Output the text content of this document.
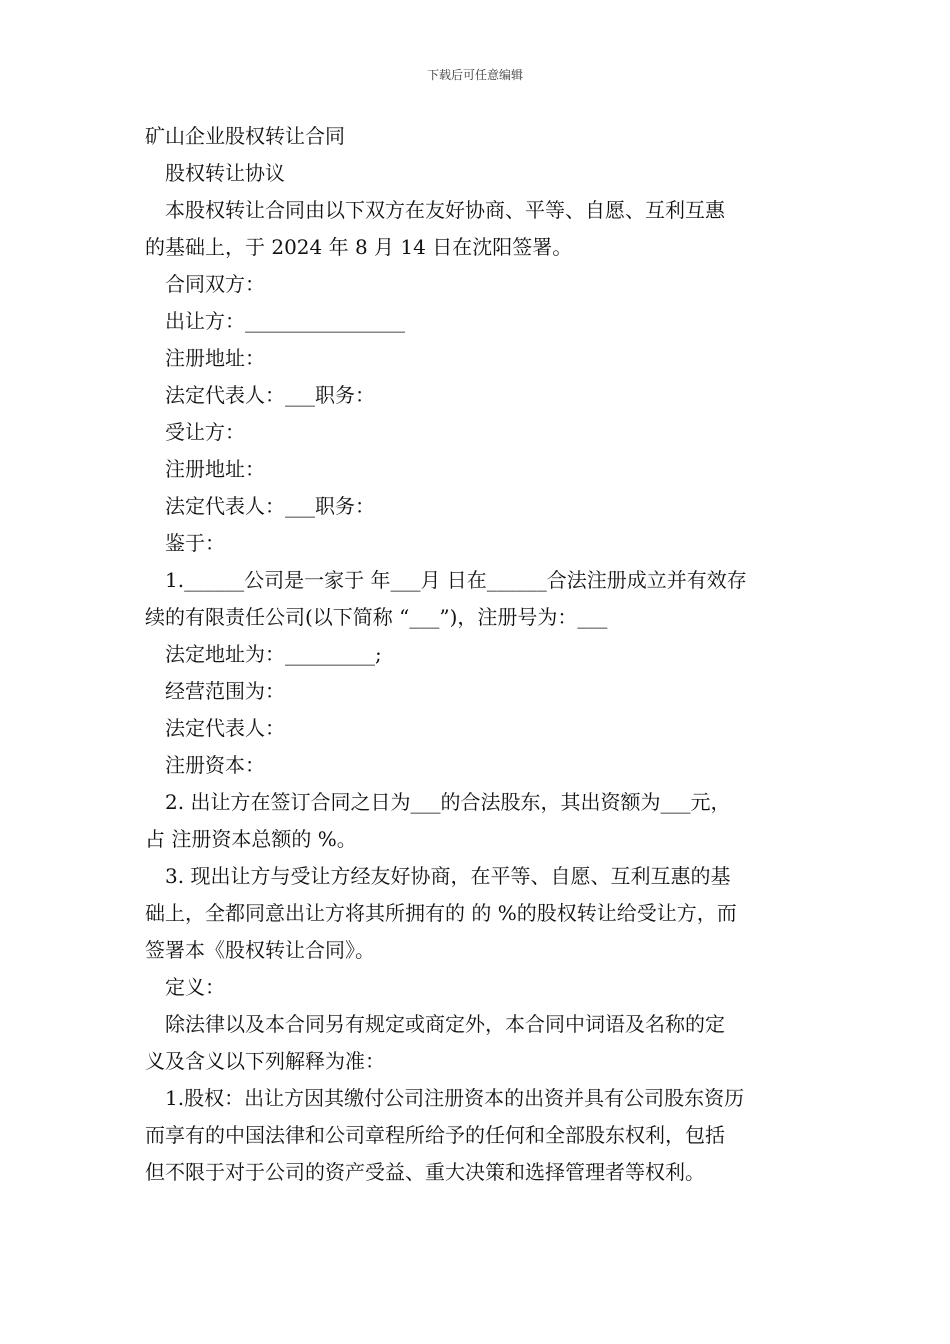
下载后可任意编辑

矿山企业股权转让合同

股权转让协议

本股权转让合同由以下双方在友好协商、平等、自愿、互利互惠

的基础上，于 2024 年 8 月 14 日在沈阳签署。

合同双方：

出让方：________________

注册地址：

法定代表人：___职务：

受让方：

注册地址：

法定代表人：___职务：

鉴于：

1.______公司是一家于 年___月 日在______合法注册成立并有效存

续的有限责任公司(以下简称 “___”)，注册号为：___

法定地址为：_________;

经营范围为：

法定代表人：

注册资本：

2. 出让方在签订合同之日为___的合法股东，其出资额为___元，

占 注册资本总额的 %。

3. 现出让方与受让方经友好协商，在平等、自愿、互利互惠的基

础上，全都同意出让方将其所拥有的 的 %的股权转让给受让方，而

签署本《股权转让合同》。

定义：

除法律以及本合同另有规定或商定外，本合同中词语及名称的定

义及含义以下列解释为准：

1.股权：出让方因其缴付公司注册资本的出资并具有公司股东资历

而享有的中国法律和公司章程所给予的任何和全部股东权利，包括

但不限于对于公司的资产受益、重大决策和选择管理者等权利。
